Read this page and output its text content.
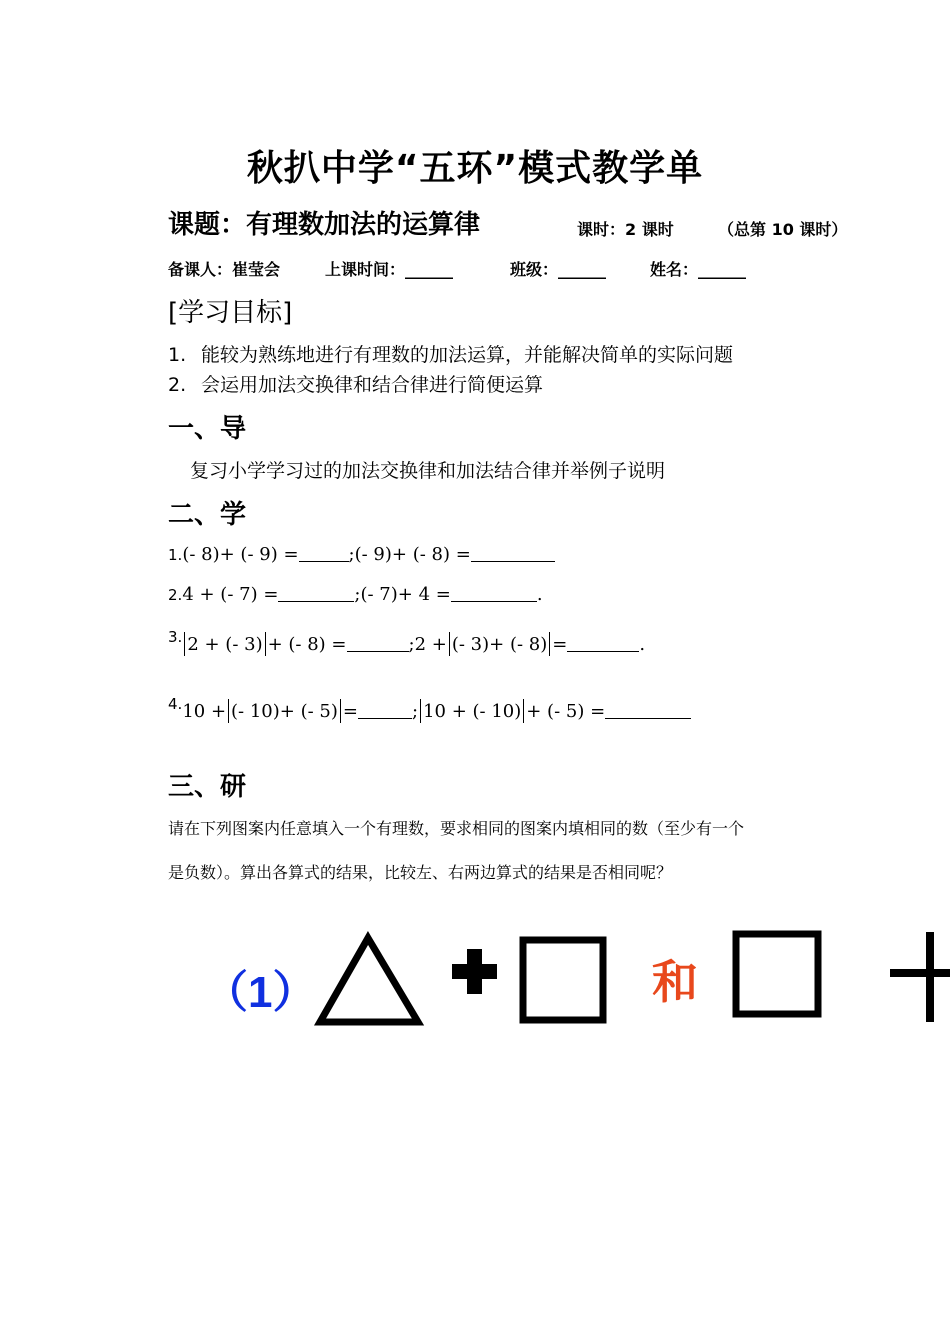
秋扒中学“五环”模式教学单
课题：有理数加法的运算律	课时：2 课时	（总第 10 课时）
备课人：崔莹会	上课时间：______	班级：______	姓名：______
[学习目标]
1. 能较为熟练地进行有理数的加法运算，并能解决简单的实际问题
2. 会运用加法交换律和结合律进行简便运算
一、导
复习小学学习过的加法交换律和加法结合律并举例子说明
二、学
1.(- 8)+ (- 9) =	;(- 9)+ (- 8) =
2.4 + (- 7) =	;(- 7)+ 4 =	.
$^{3.}$ 2 + (- 3) + (- 8) =	;2 + (- 3)+ (- 8) =	.
$^{4.}$10 + (- 10)+ (- 5) =	; 10 + (- 10) + (- 5) =
三、研
请在下列图案内任意填入一个有理数，要求相同的图案内填相同的数（至少有一个
是负数）。算出各算式的结果，比较左、右两边算式的结果是否相同呢？
（1）	和
